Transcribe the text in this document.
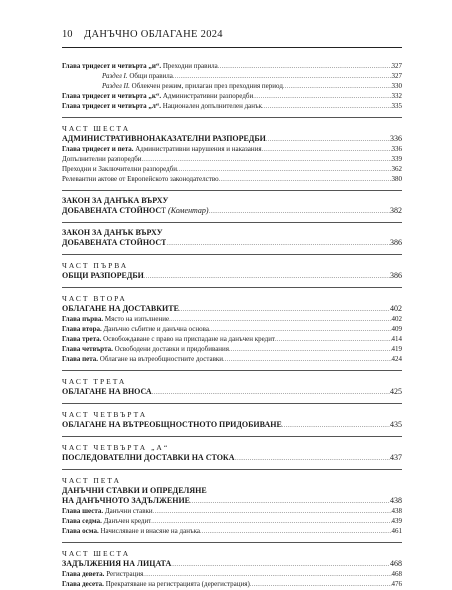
10	ДАНЪЧНО ОБЛАГАНЕ 2024
Глава тридесет и четвърта „и“. Преходни правила .....	327
Раздел I. Общи правила .....	327
Раздел II. Облекчен режим, прилаган през преходния период .....	330
Глава тридесет и четвърта „к“. Административни разпоредби .....	332
Глава тридесет и четвърта „л“. Национален допълнителен данък .....	335
ЧАСТ ШЕСТА
АДМИНИСТРАТИВНОНАКАЗАТЕЛНИ РАЗПОРЕДБИ .....	336
Глава тридесет и пета. Административни нарушения и наказания .....	336
Допълнителни разпоредби .....	339
Преходни и Заключителни разпоредби .....	362
Релевантни актове от Европейското законодателство .....	380
ЗАКОН ЗА ДАНЪКА ВЪРХУ
ДОБАВЕНАТА СТОЙНОСТ (Коментар) .....	382
ЗАКОН ЗА ДАНЪК ВЪРХУ
ДОБАВЕНАТА СТОЙНОСТ .....	386
ЧАСТ ПЪРВА
ОБЩИ РАЗПОРЕДБИ .....	386
ЧАСТ ВТОРА
ОБЛАГАНЕ НА ДОСТАВКИТЕ .....	402
Глава първа. Място на изпълнение .....	402
Глава втора. Данъчно събитие и данъчна основа .....	409
Глава трета. Освобождаване с право на приспадане на данъчен кредит .....	414
Глава четвърта. Освободени доставки и придобивания .....	419
Глава пета. Облагане на вътреобщностните доставки .....	424
ЧАСТ ТРЕТА
ОБЛАГАНЕ НА ВНОСА .....	425
ЧАСТ ЧЕТВЪРТА
ОБЛАГАНЕ НА ВЪТРЕОБЩНОСТНОТО ПРИДОБИВАНЕ .....	435
ЧАСТ ЧЕТВЪРТА „А“
ПОСЛЕДОВАТЕЛНИ ДОСТАВКИ НА СТОКА .....	437
ЧАСТ ПЕТА
ДАНЪЧНИ СТАВКИ И ОПРЕДЕЛЯНЕ
НА ДАНЪЧНОТО ЗАДЪЛЖЕНИЕ .....	438
Глава шеста. Данъчни ставки .....	438
Глава седма. Данъчен кредит .....	439
Глава осма. Начисляване и внасяне на данъка .....	461
ЧАСТ ШЕСТА
ЗАДЪЛЖЕНИЯ НА ЛИЦАТА .....	468
Глава девета. Регистрация .....	468
Глава десета. Прекратяване на регистрацията (дерегистрация) .....	476
